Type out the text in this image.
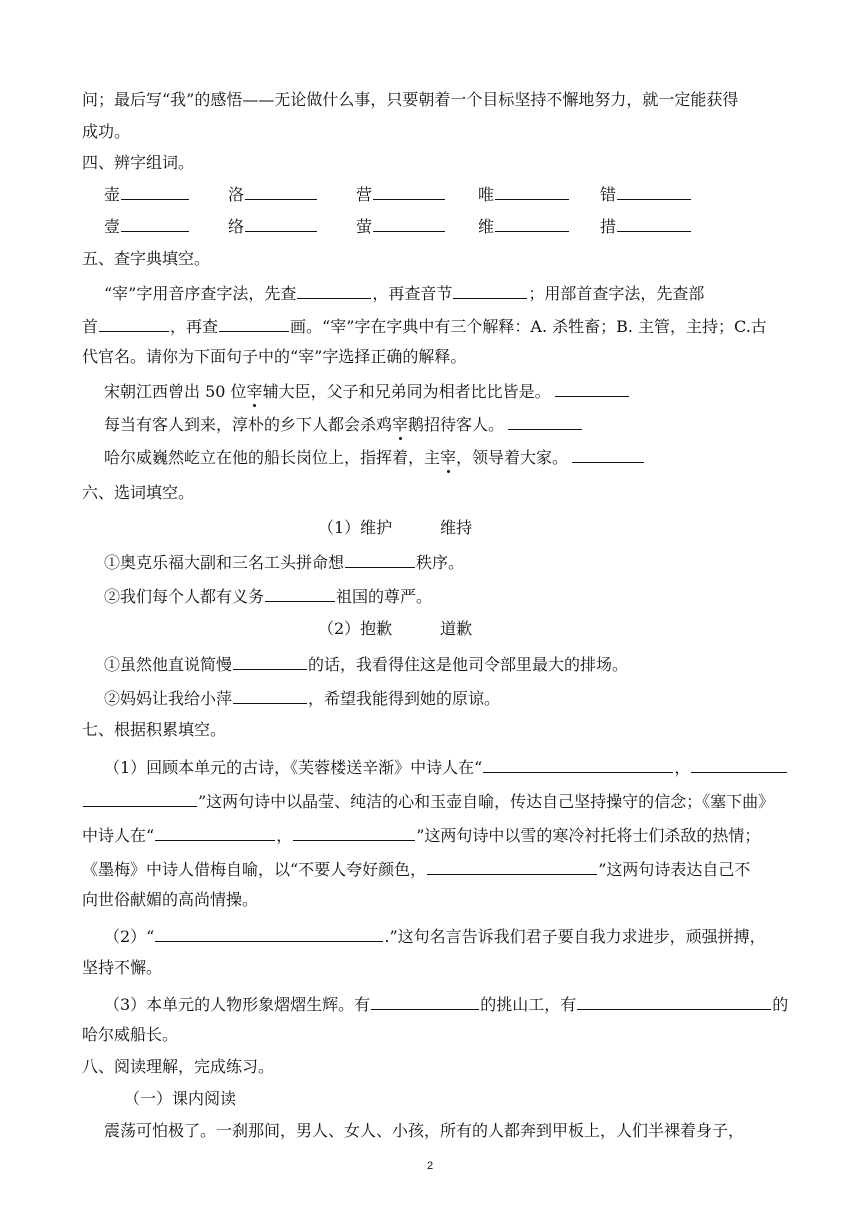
问；最后写“我”的感悟——无论做什么事，只要朝着一个目标坚持不懈地努力，就一定能获得
成功。
四、辨字组词。
壶	洛	营	唯	错
壹	络	萤	维	措
五、查字典填空。
“宰”字用音序查字法，先查	，再查音节	；用部首查字法，先查部
首	，再查	画。“宰”字在字典中有三个解释：A. 杀牲畜；B. 主管，主持；C.古
代官名。请你为下面句子中的“宰”字选择正确的解释。
宋朝江西曾出 50 位宰辅大臣，父子和兄弟同为相者比比皆是。
每当有客人到来，淳朴的乡下人都会杀鸡宰鹅招待客人。
哈尔威巍然屹立在他的船长岗位上，指挥着，主宰，领导着大家。
六、选词填空。
（1）维护　　　维持
①奥克乐福大副和三名工头拼命想	秩序。
②我们每个人都有义务	祖国的尊严。
（2）抱歉　　　道歉
①虽然他直说简慢	的话，我看得住这是他司令部里最大的排场。
②妈妈让我给小萍	，希望我能得到她的原谅。
七、根据积累填空。
（1）回顾本单元的古诗，《芙蓉楼送辛渐》中诗人在“	，
”这两句诗中以晶莹、纯洁的心和玉壶自喻，传达自己坚持操守的信念；《塞下曲》
中诗人在“	，	”这两句诗中以雪的寒冷衬托将士们杀敌的热情；
《墨梅》中诗人借梅自喻，以“不要人夸好颜色，	”这两句诗表达自己不
向世俗献媚的高尚情操。
（2）“	.”这句名言告诉我们君子要自我力求进步，顽强拼搏，
坚持不懈。
（3）本单元的人物形象熠熠生辉。有	的挑山工，有	的
哈尔威船长。
八、阅读理解，完成练习。
（一）课内阅读
震荡可怕极了。一刹那间，男人、女人、小孩，所有的人都奔到甲板上，人们半裸着身子，
2
